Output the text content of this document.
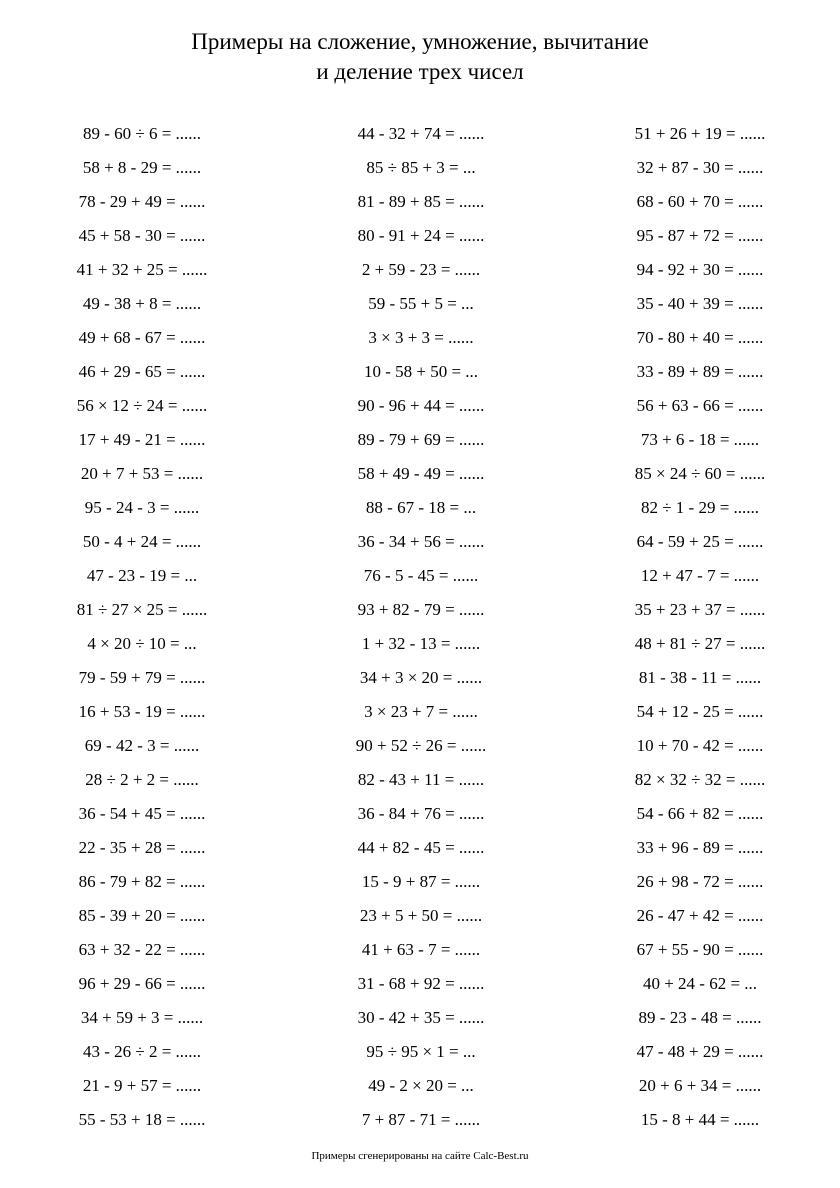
Примеры на сложение, умножение, вычитание
и деление трех чисел
89 - 60 ÷ 6 = ......
58 + 8 - 29 = ......
78 - 29 + 49 = ......
45 + 58 - 30 = ......
41 + 32 + 25 = ......
49 - 38 + 8 = ......
49 + 68 - 67 = ......
46 + 29 - 65 = ......
56 × 12 ÷ 24 = ......
17 + 49 - 21 = ......
20 + 7 + 53 = ......
95 - 24 - 3 = ......
50 - 4 + 24 = ......
47 - 23 - 19 = ...
81 ÷ 27 × 25 = ......
4 × 20 ÷ 10 = ...
79 - 59 + 79 = ......
16 + 53 - 19 = ......
69 - 42 - 3 = ......
28 ÷ 2 + 2 = ......
36 - 54 + 45 = ......
22 - 35 + 28 = ......
86 - 79 + 82 = ......
85 - 39 + 20 = ......
63 + 32 - 22 = ......
96 + 29 - 66 = ......
34 + 59 + 3 = ......
43 - 26 ÷ 2 = ......
21 - 9 + 57 = ......
55 - 53 + 18 = ......
44 - 32 + 74 = ......
85 ÷ 85 + 3 = ...
81 - 89 + 85 = ......
80 - 91 + 24 = ......
2 + 59 - 23 = ......
59 - 55 + 5 = ...
3 × 3 + 3 = ......
10 - 58 + 50 = ...
90 - 96 + 44 = ......
89 - 79 + 69 = ......
58 + 49 - 49 = ......
88 - 67 - 18 = ...
36 - 34 + 56 = ......
76 - 5 - 45 = ......
93 + 82 - 79 = ......
1 + 32 - 13 = ......
34 + 3 × 20 = ......
3 × 23 + 7 = ......
90 + 52 ÷ 26 = ......
82 - 43 + 11 = ......
36 - 84 + 76 = ......
44 + 82 - 45 = ......
15 - 9 + 87 = ......
23 + 5 + 50 = ......
41 + 63 - 7 = ......
31 - 68 + 92 = ......
30 - 42 + 35 = ......
95 ÷ 95 × 1 = ...
49 - 2 × 20 = ...
7 + 87 - 71 = ......
51 + 26 + 19 = ......
32 + 87 - 30 = ......
68 - 60 + 70 = ......
95 - 87 + 72 = ......
94 - 92 + 30 = ......
35 - 40 + 39 = ......
70 - 80 + 40 = ......
33 - 89 + 89 = ......
56 + 63 - 66 = ......
73 + 6 - 18 = ......
85 × 24 ÷ 60 = ......
82 ÷ 1 - 29 = ......
64 - 59 + 25 = ......
12 + 47 - 7 = ......
35 + 23 + 37 = ......
48 + 81 ÷ 27 = ......
81 - 38 - 11 = ......
54 + 12 - 25 = ......
10 + 70 - 42 = ......
82 × 32 ÷ 32 = ......
54 - 66 + 82 = ......
33 + 96 - 89 = ......
26 + 98 - 72 = ......
26 - 47 + 42 = ......
67 + 55 - 90 = ......
40 + 24 - 62 = ...
89 - 23 - 48 = ......
47 - 48 + 29 = ......
20 + 6 + 34 = ......
15 - 8 + 44 = ......
Примеры сгенерированы на сайте Calc-Best.ru
